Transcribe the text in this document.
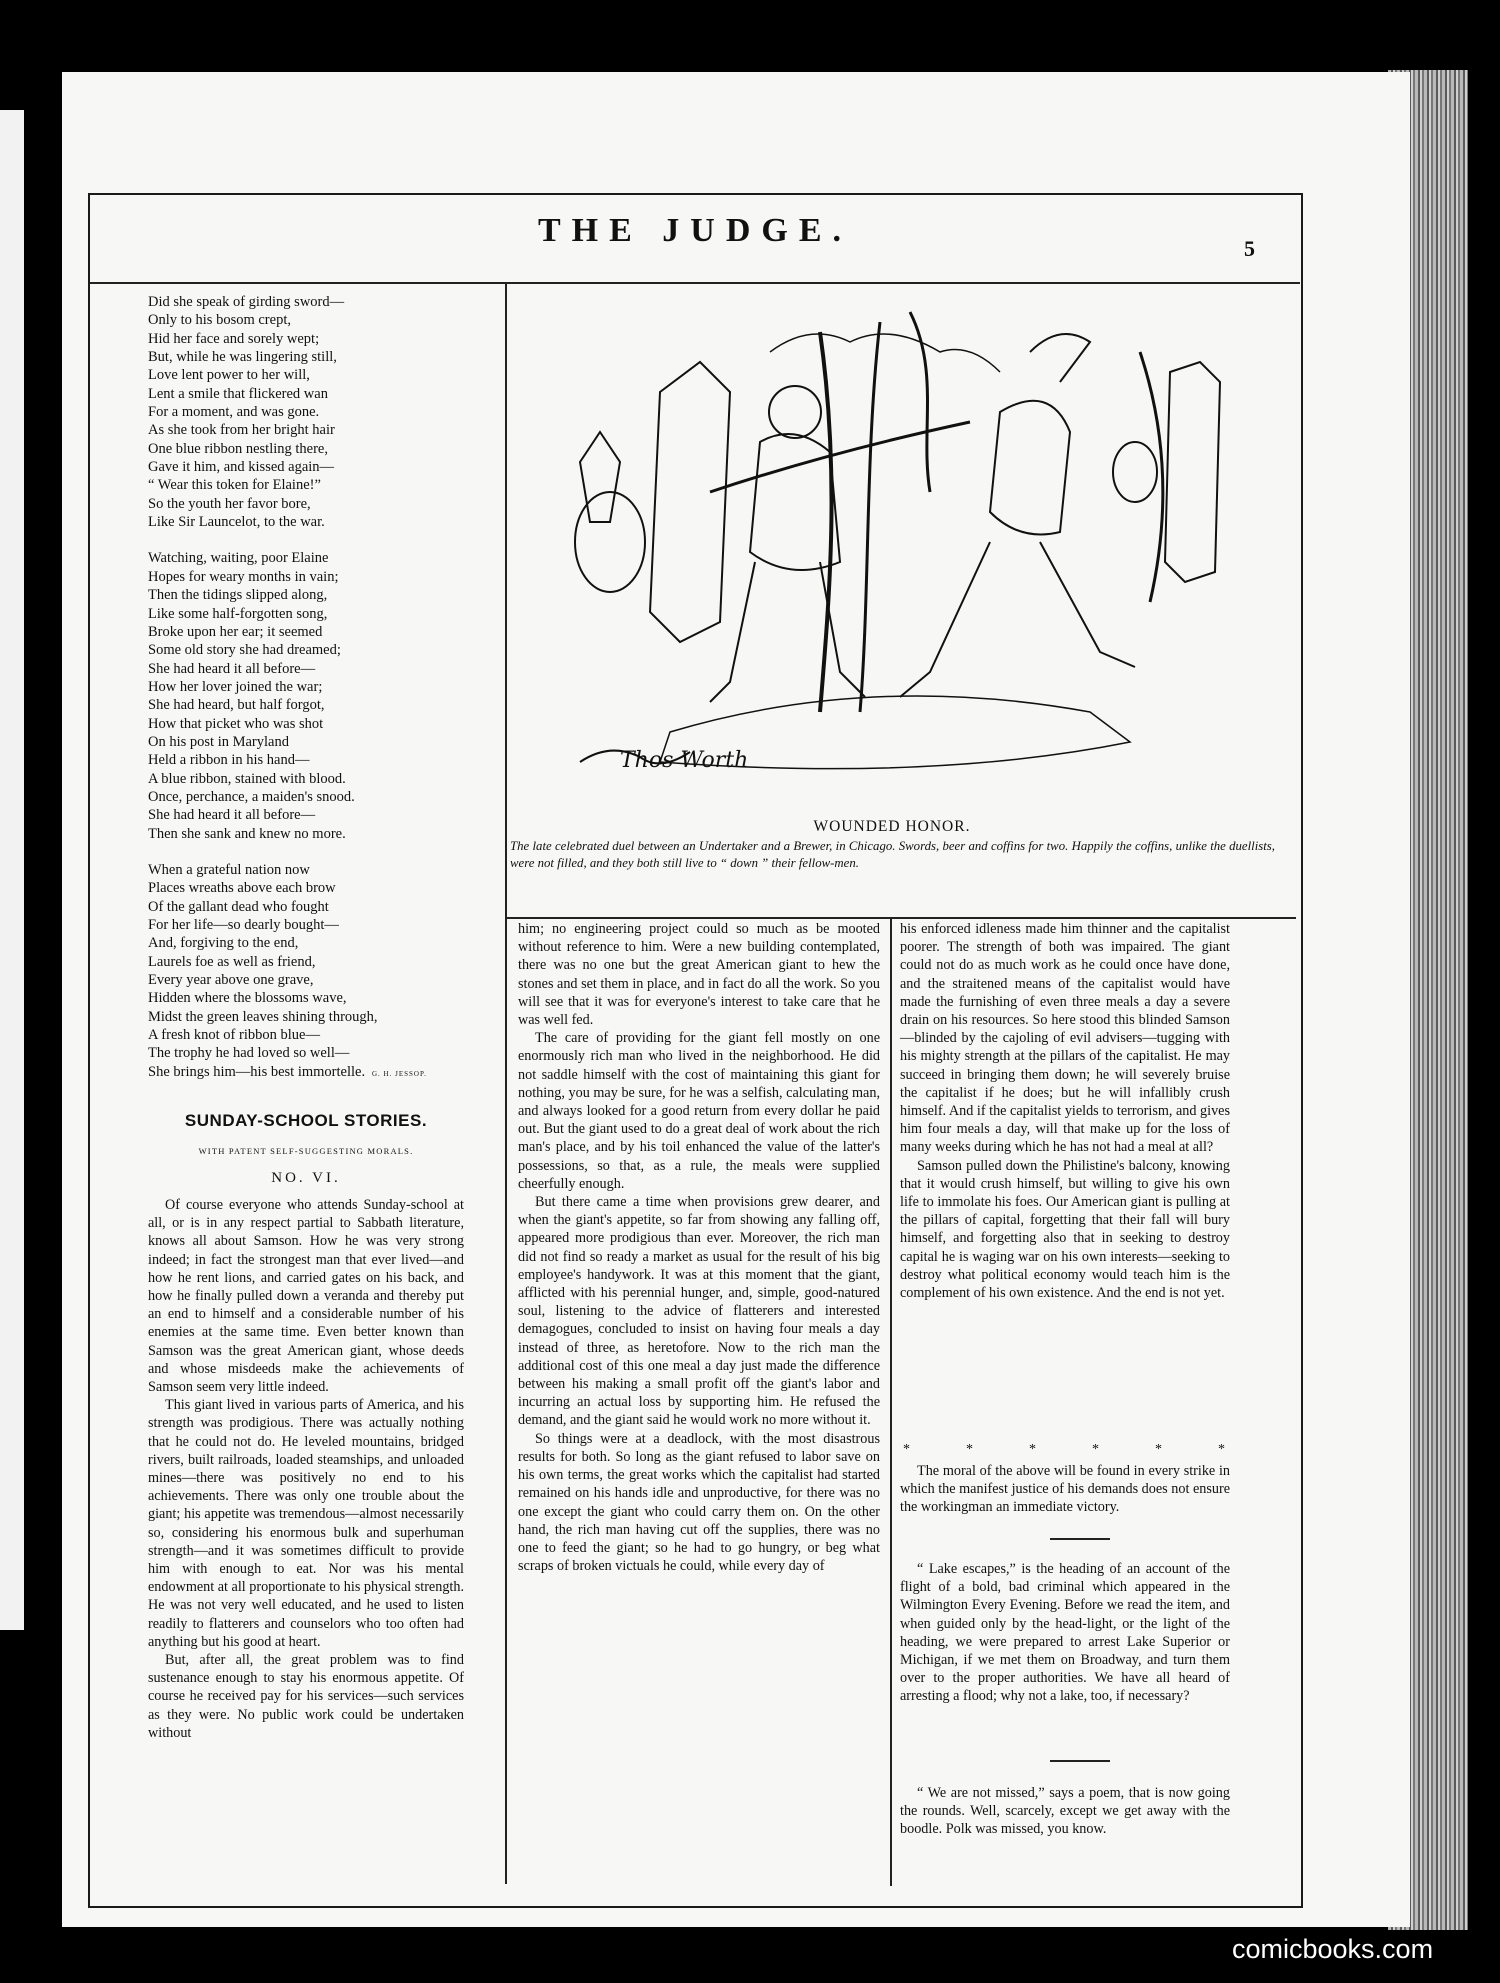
THE JUDGE.	5
Did she speak of girding sword—
Only to his bosom crept,
Hid her face and sorely wept;
But, while he was lingering still,
Love lent power to her will,
Lent a smile that flickered wan
For a moment, and was gone.
As she took from her bright hair
One blue ribbon nestling there,
Gave it him, and kissed again—
“ Wear this token for Elaine!”
So the youth her favor bore,
Like Sir Launcelot, to the war.
Watching, waiting, poor Elaine
Hopes for weary months in vain;
Then the tidings slipped along,
Like some half-forgotten song,
Broke upon her ear; it seemed
Some old story she had dreamed;
She had heard it all before—
How her lover joined the war;
She had heard, but half forgot,
How that picket who was shot
On his post in Maryland
Held a ribbon in his hand—
A blue ribbon, stained with blood.
Once, perchance, a maiden's snood.
She had heard it all before—
Then she sank and knew no more.
When a grateful nation now
Places wreaths above each brow
Of the gallant dead who fought
For her life—so dearly bought—
And, forgiving to the end,
Laurels foe as well as friend,
Every year above one grave,
Hidden where the blossoms wave,
Midst the green leaves shining through,
A fresh knot of ribbon blue—
The trophy he had loved so well—
She brings him—his best immortelle. G. H. JESSOP.
SUNDAY-SCHOOL STORIES.
WITH PATENT SELF-SUGGESTING MORALS.
NO. VI.

Of course everyone who attends Sunday-school at all, or is in any respect partial to Sabbath literature, knows all about Samson. How he was very strong indeed; in fact the strongest man that ever lived—and how he rent lions, and carried gates on his back, and how he finally pulled down a veranda and thereby put an end to himself and a considerable number of his enemies at the same time. Even better known than Samson was the great American giant, whose deeds and whose misdeeds make the achievements of Samson seem very little indeed.

This giant lived in various parts of America, and his strength was prodigious. There was actually nothing that he could not do. He leveled mountains, bridged rivers, built railroads, loaded steamships, and unloaded mines—there was positively no end to his achievements. There was only one trouble about the giant; his appetite was tremendous—almost necessarily so, considering his enormous bulk and superhuman strength—and it was sometimes difficult to provide him with enough to eat. Nor was his mental endowment at all proportionate to his physical strength. He was not very well educated, and he used to listen readily to flatterers and counselors who too often had anything but his good at heart.

But, after all, the great problem was to find sustenance enough to stay his enormous appetite. Of course he received pay for his services—such services as they were. No public work could be undertaken without

Thos Worth
WOUNDED HONOR.
The late celebrated duel between an Undertaker and a Brewer, in Chicago. Swords, beer and coffins for two. Happily the coffins, unlike the duellists, were not filled, and they both still live to “ down ” their fellow-men.

him; no engineering project could so much as be mooted without reference to him. Were a new building contemplated, there was no one but the great American giant to hew the stones and set them in place, and in fact do all the work. So you will see that it was for everyone's interest to take care that he was well fed.

The care of providing for the giant fell mostly on one enormously rich man who lived in the neighborhood. He did not saddle himself with the cost of maintaining this giant for nothing, you may be sure, for he was a selfish, calculating man, and always looked for a good return from every dollar he paid out. But the giant used to do a great deal of work about the rich man's place, and by his toil enhanced the value of the latter's possessions, so that, as a rule, the meals were supplied cheerfully enough.

But there came a time when provisions grew dearer, and when the giant's appetite, so far from showing any falling off, appeared more prodigious than ever. Moreover, the rich man did not find so ready a market as usual for the result of his big employee's handywork. It was at this moment that the giant, afflicted with his perennial hunger, and, simple, good-natured soul, listening to the advice of flatterers and interested demagogues, concluded to insist on having four meals a day instead of three, as heretofore. Now to the rich man the additional cost of this one meal a day just made the difference between his making a small profit off the giant's labor and incurring an actual loss by supporting him. He refused the demand, and the giant said he would work no more without it.

So things were at a deadlock, with the most disastrous results for both. So long as the giant refused to labor save on his own terms, the great works which the capitalist had started remained on his hands idle and unproductive, for there was no one except the giant who could carry them on. On the other hand, the rich man having cut off the supplies, there was no one to feed the giant; so he had to go hungry, or beg what scraps of broken victuals he could, while every day of

his enforced idleness made him thinner and the capitalist poorer. The strength of both was impaired. The giant could not do as much work as he could once have done, and the straitened means of the capitalist would have made the furnishing of even three meals a day a severe drain on his resources. So here stood this blinded Samson—blinded by the cajoling of evil advisers—tugging with his mighty strength at the pillars of the capitalist. He may succeed in bringing them down; he will severely bruise the capitalist if he does; but he will infallibly crush himself. And if the capitalist yields to terrorism, and gives him four meals a day, will that make up for the loss of many weeks during which he has not had a meal at all?

Samson pulled down the Philistine's balcony, knowing that it would crush himself, but willing to give his own life to immolate his foes. Our American giant is pulling at the pillars of capital, forgetting that their fall will bury himself, and forgetting also that in seeking to destroy capital he is waging war on his own interests—seeking to destroy what political economy would teach him is the complement of his own existence. And the end is not yet.

*	*	*	*	*	*

The moral of the above will be found in every strike in which the manifest justice of his demands does not ensure the workingman an immediate victory.

“ Lake escapes,” is the heading of an account of the flight of a bold, bad criminal which appeared in the Wilmington Every Evening. Before we read the item, and when guided only by the head-light, or the light of the heading, we were prepared to arrest Lake Superior or Michigan, if we met them on Broadway, and turn them over to the proper authorities. We have all heard of arresting a flood; why not a lake, too, if necessary?

“ We are not missed,” says a poem, that is now going the rounds. Well, scarcely, except we get away with the boodle. Polk was missed, you know.

comicbooks.com
